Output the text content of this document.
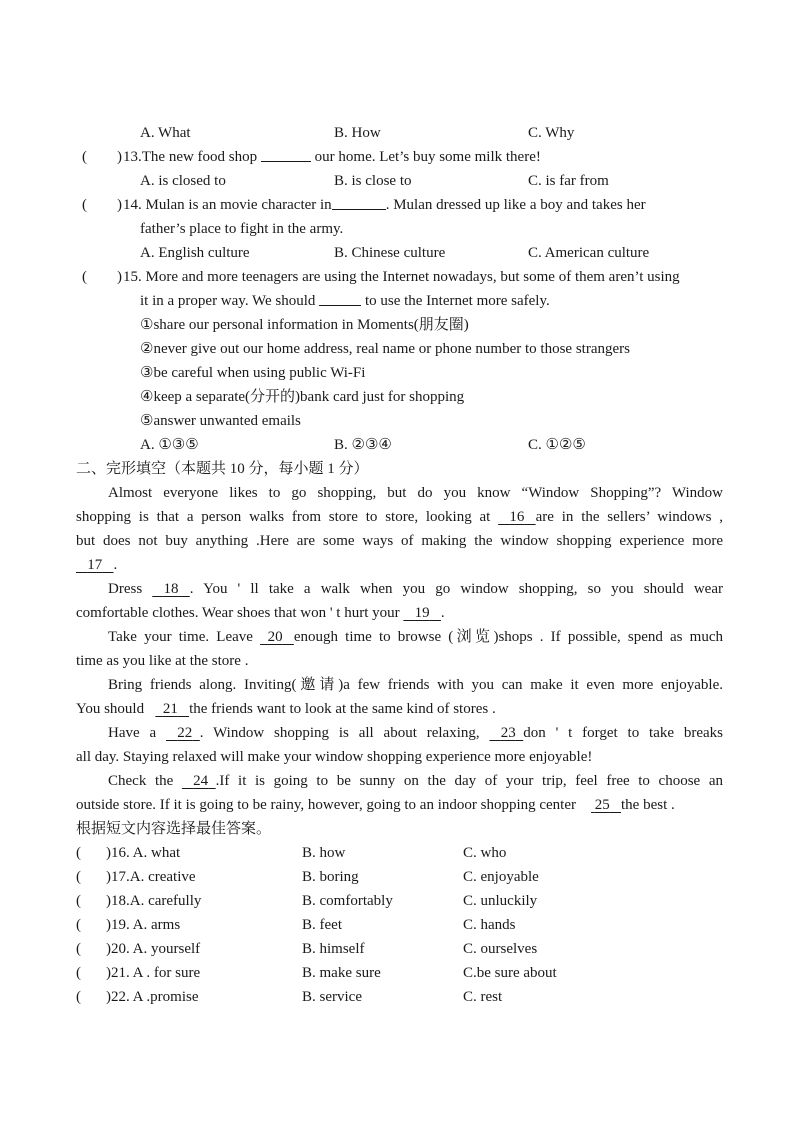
A. What	B. How	C. Why
(　　) 13.The new food shop	our home. Let’s buy some milk there!
A. is closed to	B. is close to	C. is far from
(　　) 14. Mulan is an movie character in	. Mulan dressed up like a boy and takes her
father’s place to fight in the army.
A. English culture	B. Chinese culture	C. American culture
(　　) 15. More and more teenagers are using the Internet nowadays, but some of them aren’t using
it in a proper way. We should	to use the Internet more safely.
①share our personal information in Moments(朋友圈)
②never give out our home address, real name or phone number to those strangers
③be careful when using public Wi-Fi
④keep a separate(分开的)bank card just for shopping
⑤answer unwanted emails
A. ①③⑤	B. ②③④	C. ①②⑤
二、完形填空（本题共 10 分，每小题 1 分）
Almost everyone likes to go shopping, but do you know “Window Shopping”? Window
shopping is that a person walks from store to store, looking at 16 are in the sellers’ windows ,
but does not buy anything .Here are some ways of making the window shopping experience more
17 .
Dress 18 . You ' ll take a walk when you go window shopping, so you should wear
comfortable clothes. Wear shoes that won ' t hurt your 19 .
Take your time. Leave 20 enough time to browse (浏览)shops . If possible, spend as much
time as you like at the store .
Bring friends along. Inviting(邀请)a few friends with you can make it even more enjoyable.
You should 21 the friends want to look at the same kind of stores .
Have a 22 . Window shopping is all about relaxing, 23 don ' t forget to take breaks
all day. Staying relaxed will make your window shopping experience more enjoyable!
Check the 24 .If it is going to be sunny on the day of your trip, feel free to choose an
outside store. If it is going to be rainy, however, going to an indoor shopping center 25 the best .
根据短文内容选择最佳答案。
( )16. A. what	B. how	C. who
( )17.A. creative	B. boring	C. enjoyable
( )18.A. carefully	B. comfortably	C. unluckily
( )19. A. arms	B. feet	C. hands
( )20. A. yourself	B. himself	C. ourselves
( )21. A . for sure	B. make sure	C.be sure about
( )22. A .promise	B. service	C. rest
